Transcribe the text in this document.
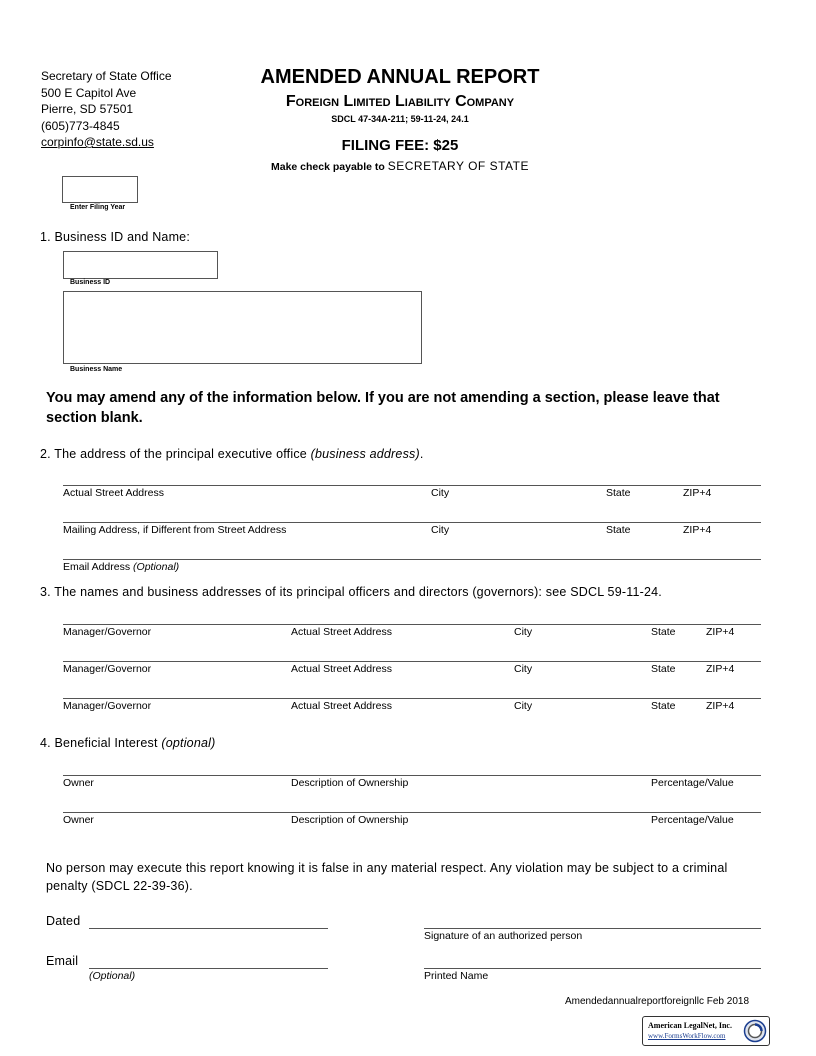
Secretary of State Office
500 E Capitol Ave
Pierre, SD 57501
(605)773-4845
corpinfo@state.sd.us
AMENDED ANNUAL REPORT
Foreign Limited Liability Company
SDCL 47-34A-211; 59-11-24, 24.1
FILING FEE: $25
Make check payable to SECRETARY OF STATE
Enter Filing Year
1. Business ID and Name:
Business ID
Business Name
You may amend any of the information below. If you are not amending a section, please leave that section blank.
2. The address of the principal executive office (business address).
Actual Street Address	City	State	ZIP+4
Mailing Address, if Different from Street Address	City	State	ZIP+4
Email Address (Optional)
3. The names and business addresses of its principal officers and directors (governors): see SDCL 59-11-24.
Manager/Governor	Actual Street Address	City	State	ZIP+4
Manager/Governor	Actual Street Address	City	State	ZIP+4
Manager/Governor	Actual Street Address	City	State	ZIP+4
4. Beneficial Interest (optional)
Owner	Description of Ownership	Percentage/Value
Owner	Description of Ownership	Percentage/Value
No person may execute this report knowing it is false in any material respect. Any violation may be subject to a criminal penalty (SDCL 22-39-36).
Dated
Signature of an authorized person
Email
(Optional)	Printed Name
Amendedannualreportforeignllc Feb 2018
American LegalNet, Inc.
www.FormsWorkFlow.com
